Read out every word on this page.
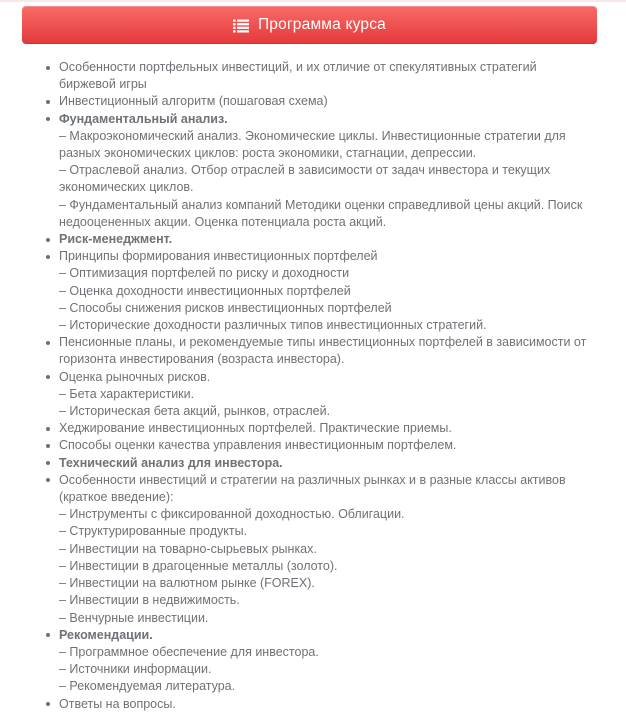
Программа курса
Особенности портфельных инвестиций, и их отличие от спекулятивных стратегий биржевой игры
Инвестиционный алгоритм (пошаговая схема)
Фундаментальный анализ.
– Макроэкономический анализ. Экономические циклы. Инвестиционные стратегии для разных экономических циклов: роста экономики, стагнации, депрессии.
– Отраслевой анализ. Отбор отраслей в зависимости от задач инвестора и текущих экономических циклов.
– Фундаментальный анализ компаний Методики оценки справедливой цены акций. Поиск недооцененных акции. Оценка потенциала роста акций.
Риск-менеджмент.
Принципы формирования инвестиционных портфелей
– Оптимизация портфелей по риску и доходности
– Оценка доходности инвестиционных портфелей
– Способы снижения рисков инвестиционных портфелей
– Исторические доходности различных типов инвестиционных стратегий.
Пенсионные планы, и рекомендуемые типы инвестиционных портфелей в зависимости от горизонта инвестирования (возраста инвестора).
Оценка рыночных рисков.
– Бета характеристики.
– Историческая бета акций, рынков, отраслей.
Хеджирование инвестиционных портфелей. Практические приемы.
Способы оценки качества управления инвестиционным портфелем.
Технический анализ для инвестора.
Особенности инвестиций и стратегии на различных рынках и в разные классы активов (краткое введение):
– Инструменты с фиксированной доходностью. Облигации.
– Структурированные продукты.
– Инвестиции на товарно-сырьевых рынках.
– Инвестиции в драгоценные металлы (золото).
– Инвестиции на валютном рынке (FOREX).
– Инвестиции в недвижимость.
– Венчурные инвестиции.
Рекомендации.
– Программное обеспечение для инвестора.
– Источники информации.
– Рекомендуемая литература.
Ответы на вопросы.
